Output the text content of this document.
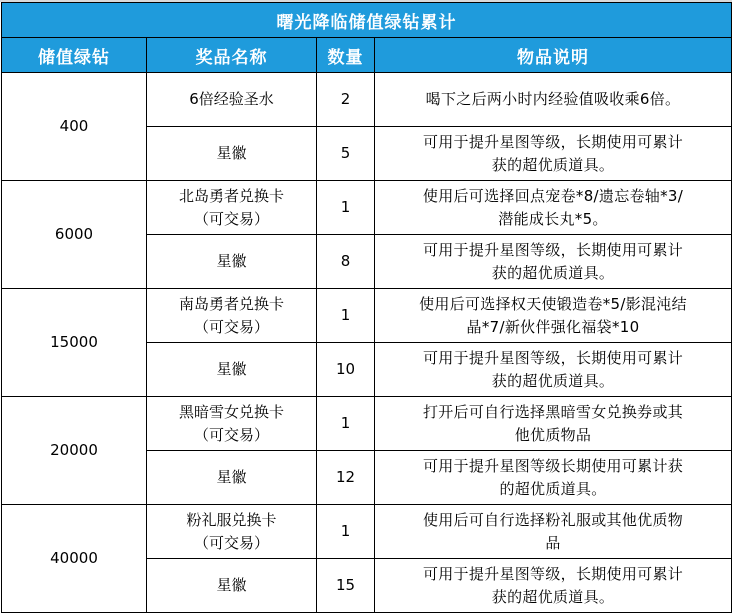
曙光降临储值绿钻累计			
储值绿钻	奖品名称	数量	物品说明
400	6倍经验圣水	2	喝下之后两小时内经验值吸收乘6倍。

	星徽	5	可用于提升星图等级，长期使用可累计
获的超优质道具。

6000	北岛勇者兑换卡
（可交易）	1	使用后可选择回点宠卷*8/遗忘卷轴*3/
潜能成长丸*5。

	星徽	8	可用于提升星图等级，长期使用可累计
获的超优质道具。

15000	南岛勇者兑换卡
（可交易）	1	使用后可选择权天使锻造卷*5/影混沌结
晶*7/新伙伴强化福袋*10

	星徽	10	可用于提升星图等级，长期使用可累计
获的超优质道具。

20000	黑暗雪女兑换卡
（可交易）	1	打开后可自行选择黑暗雪女兑换券或其
他优质物品

	星徽	12	可用于提升星图等级长期使用可累计获
的超优质道具。

40000	粉礼服兑换卡
（可交易）	1	使用后可自行选择粉礼服或其他优质物
品

	星徽	15	可用于提升星图等级，长期使用可累计
获的超优质道具。
